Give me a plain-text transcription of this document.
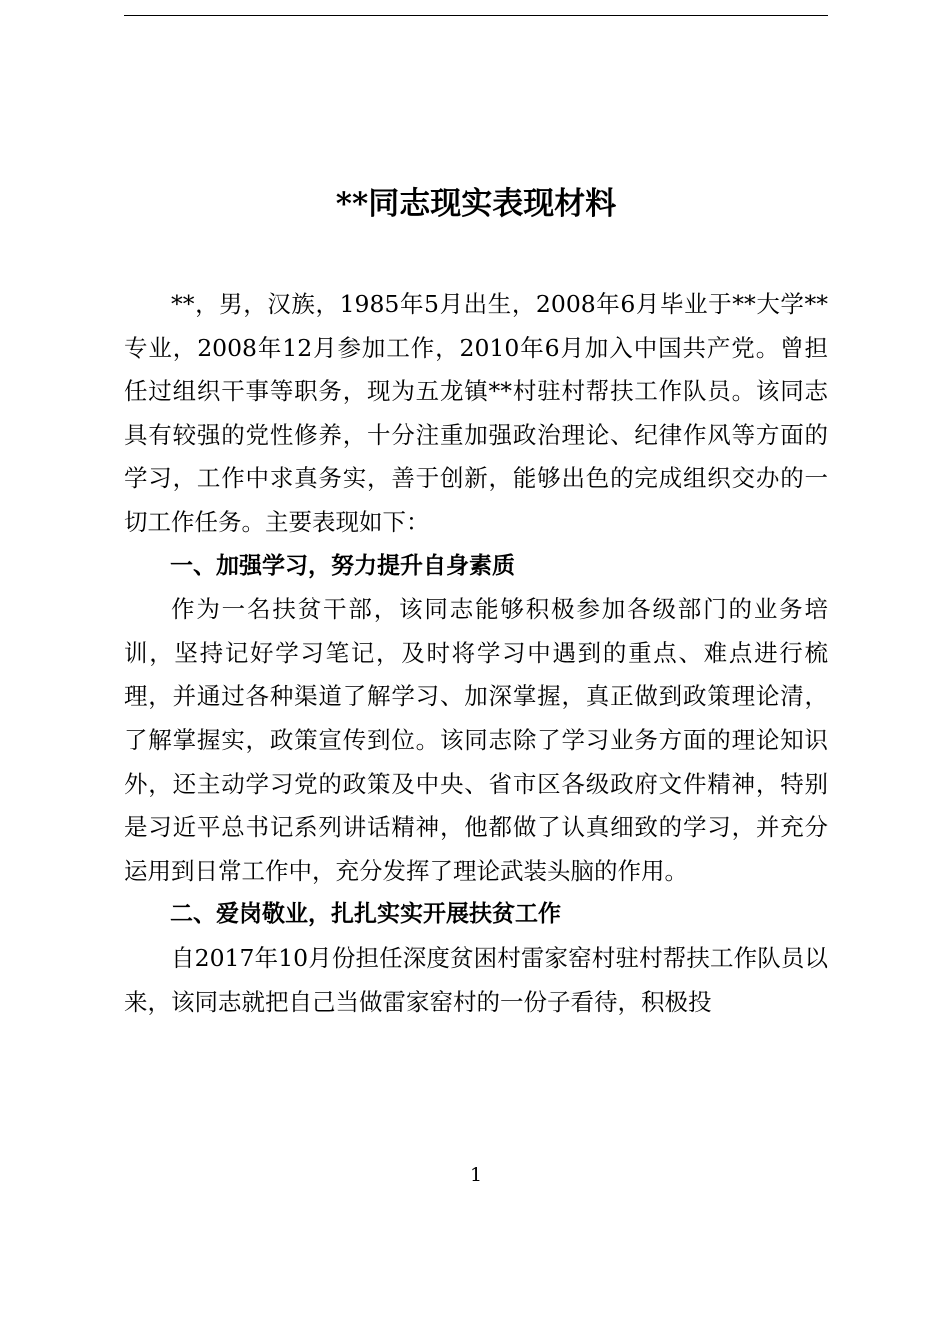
**同志现实表现材料

**，男，汉族，1985年5月出生，2008年6月毕业于**大学**专业，2008年12月参加工作，2010年6月加入中国共产党。曾担任过组织干事等职务，现为五龙镇**村驻村帮扶工作队员。该同志具有较强的党性修养，十分注重加强政治理论、纪律作风等方面的学习，工作中求真务实，善于创新，能够出色的完成组织交办的一切工作任务。主要表现如下：

一、加强学习，努力提升自身素质

作为一名扶贫干部，该同志能够积极参加各级部门的业务培训，坚持记好学习笔记，及时将学习中遇到的重点、难点进行梳理，并通过各种渠道了解学习、加深掌握，真正做到政策理论清，了解掌握实，政策宣传到位。该同志除了学习业务方面的理论知识外，还主动学习党的政策及中央、省市区各级政府文件精神，特别是习近平总书记系列讲话精神，他都做了认真细致的学习，并充分运用到日常工作中，充分发挥了理论武装头脑的作用。

二、爱岗敬业，扎扎实实开展扶贫工作

自2017年10月份担任深度贫困村雷家窑村驻村帮扶工作队员以来，该同志就把自己当做雷家窑村的一份子看待，积极投

1
